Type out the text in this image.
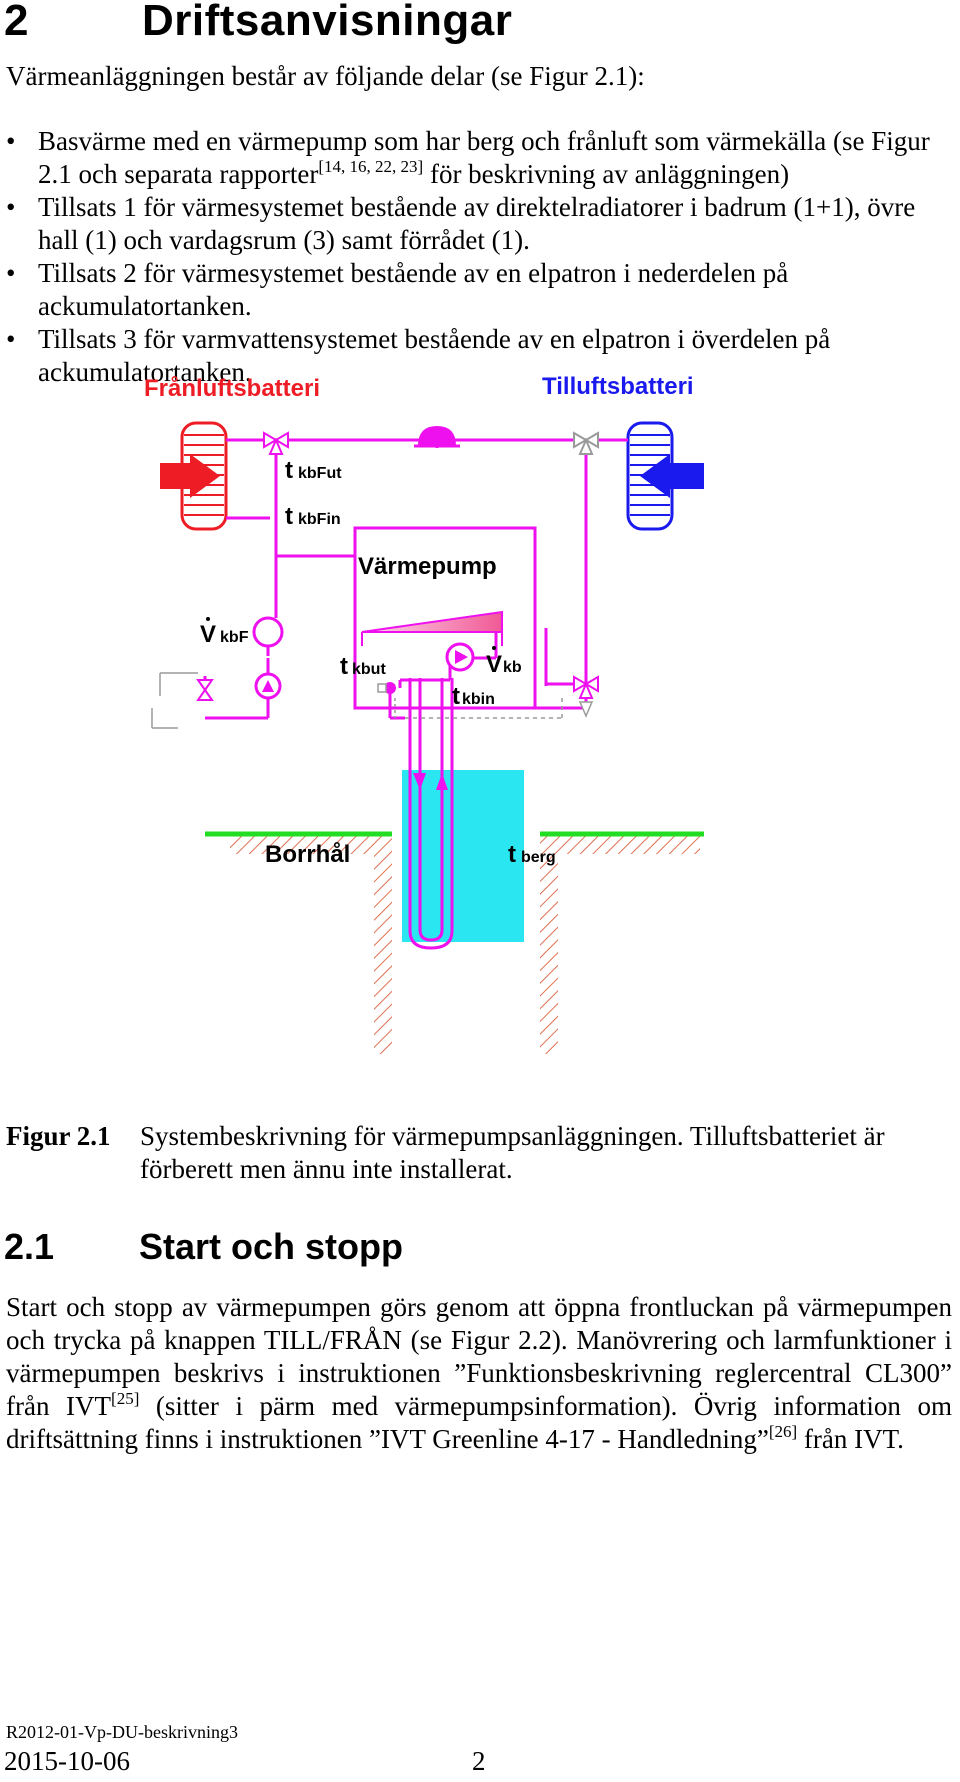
2	Driftsanvisningar

Värmeanläggningen består av följande delar (se Figur 2.1):

• Basvärme med en värmepump som har berg och frånluft som värmekälla (se Figur 2.1 och separata rapporter[14, 16, 22, 23] för beskrivning av anläggningen)
• Tillsats 1 för värmesystemet bestående av direktelradiatorer i badrum (1+1), övre hall (1) och vardagsrum (3) samt förrådet (1).
• Tillsats 2 för värmesystemet bestående av en elpatron i nederdelen på ackumulatortanken.
• Tillsats 3 för varmvattensystemet bestående av en elpatron i överdelen på ackumulatortanken.
Frånluftsbatteri	Tilluftsbatteri
tkbFut
tkbFin
Värmepump
VkbF
tkbut	Vkb
tkbin
Borrhål	tberg
Figur 2.1 Systembeskrivning för värmepumpsanläggningen. Tilluftsbatteriet är förberett men ännu inte installerat.
2.1 Start och stopp

Start och stopp av värmepumpen görs genom att öppna frontluckan på värmepumpen och trycka på knappen TILL/FRÅN (se Figur 2.2). Manövrering och larmfunktioner i värmepumpen beskrivs i instruktionen ”Funktionsbeskrivning reglercentral CL300” från IVT[25] (sitter i pärm med värmepumpsinformation). Övrig information om driftsättning finns i instruktionen ”IVT Greenline 4-17 - Handledning”[26] från IVT.

R2012-01-Vp-DU-beskrivning3
2015-10-06	2
